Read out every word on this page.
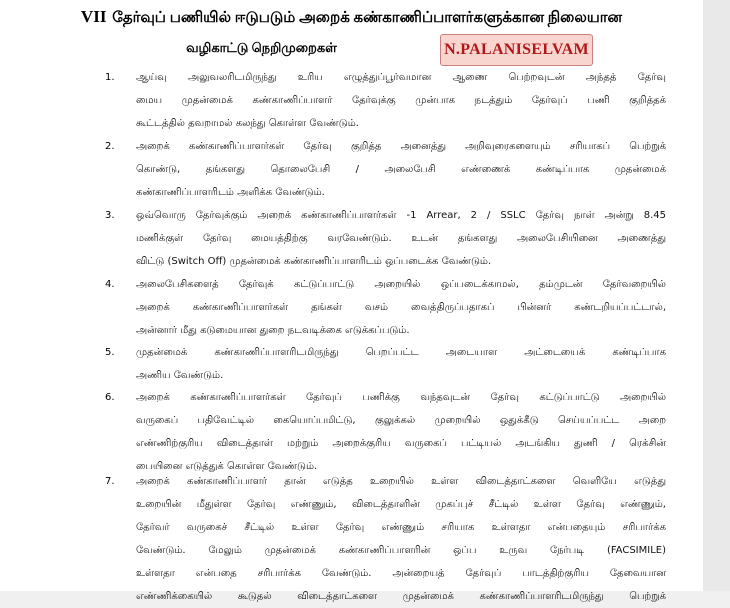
VII தேர்வுப் பணியில் ஈடுபடும் அறைக் கண்காணிப்பாளர்களுக்கான நிலையான
வழிகாட்டு நெறிமுறைகள்	N.PALANISELVAM
1. ஆய்வு அலுவலரிடமிருந்து உரிய எழுத்துப்பூர்வமான ஆணை பெற்றவுடன் அந்தத் தேர்வு
மைய முதன்மைக் கண்காணிப்பாளர் தேர்வுக்கு முன்பாக நடத்தும் தேர்வுப் பணி குறித்தக்
கூட்டத்தில் தவறாமல் கலந்து கொள்ள வேண்டும்.
2. அறைக் கண்காணிப்பாளர்கள் தேர்வு குறித்த அனைத்து அறிவுரைகளையும் சரியாகப் பெற்றுக்
கொண்டு, தங்களது தொலைபேசி / அலைபேசி எண்ணைக் கண்டிப்பாக முதன்மைக்
கண்காணிப்பாளரிடம் அளிக்க வேண்டும்.
3. ஒவ்வொரு தேர்வுக்கும் அறைக் கண்காணிப்பாளர்கள் -1 Arrear, 2 / SSLC தேர்வு நாள் அன்று 8.45
மணிக்குள் தேர்வு மையத்திற்கு வரவேண்டும். உடன் தங்களது அலைபேசியினை அணைத்து
விட்டு (Switch Off) முதன்மைக் கண்காணிப்பாளரிடம் ஒப்படைக்க வேண்டும்.
4. அலைபேசிகளைத் தேர்வுக் கட்டுப்பாட்டு அறையில் ஒப்படைக்காமல், தம்முடன் தேர்வறையில்
அறைக் கண்காணிப்பாளர்கள் தங்கள் வசம் வைத்திருப்பதாகப் பின்னர் கண்டறியப்பட்டால்,
அன்னார் மீது கடுமையான துறை நடவடிக்கை எடுக்கப்படும்.
5. முதன்மைக் கண்காணிப்பாளரிடமிருந்து பெறப்பட்ட அடையாள அட்டையைக் கண்டிப்பாக
அணிய வேண்டும்.
6. அறைக் கண்காணிப்பாளர்கள் தேர்வுப் பணிக்கு வந்தவுடன் தேர்வு கட்டுப்பாட்டு அறையில்
வருகைப் பதிவேட்டில் கையொப்பமிட்டு, குலுக்கல் முறையில் ஒதுக்கீடு செய்யப்பட்ட அறை
எண்ணிற்குரிய விடைத்தாள் மற்றும் அறைக்குரிய வருகைப் பட்டியல் அடங்கிய துணி / ரெக்சின்
பையினை எடுத்துக் கொள்ள வேண்டும்.
7. அறைக் கண்காணிப்பாளர் தான் எடுத்த உறையில் உள்ள விடைத்தாட்களை வெளியே எடுத்து
உறையின் மீதுள்ள தேர்வு எண்ணும், விடைத்தாளின் முகப்புச் சீட்டில் உள்ள தேர்வு எண்ணும்,
தேர்வர் வருகைச் சீட்டில் உள்ள தேர்வு எண்ணும் சரியாக உள்ளதா என்பதையும் சரிபார்க்க
வேண்டும். மேலும் முதன்மைக் கண்காணிப்பாளரின் ஒப்ப உருவ நேர்படி (FACSIMILE)
உள்ளதா என்பதை சரிபார்க்க வேண்டும். அன்றையத் தேர்வுப் பாடத்திற்குரிய தேவையான
எண்ணிக்கையில் கூடுதல் விடைத்தாட்களை முதன்மைக் கண்காணிப்பாளரிடமிருந்து பெற்றுக்
